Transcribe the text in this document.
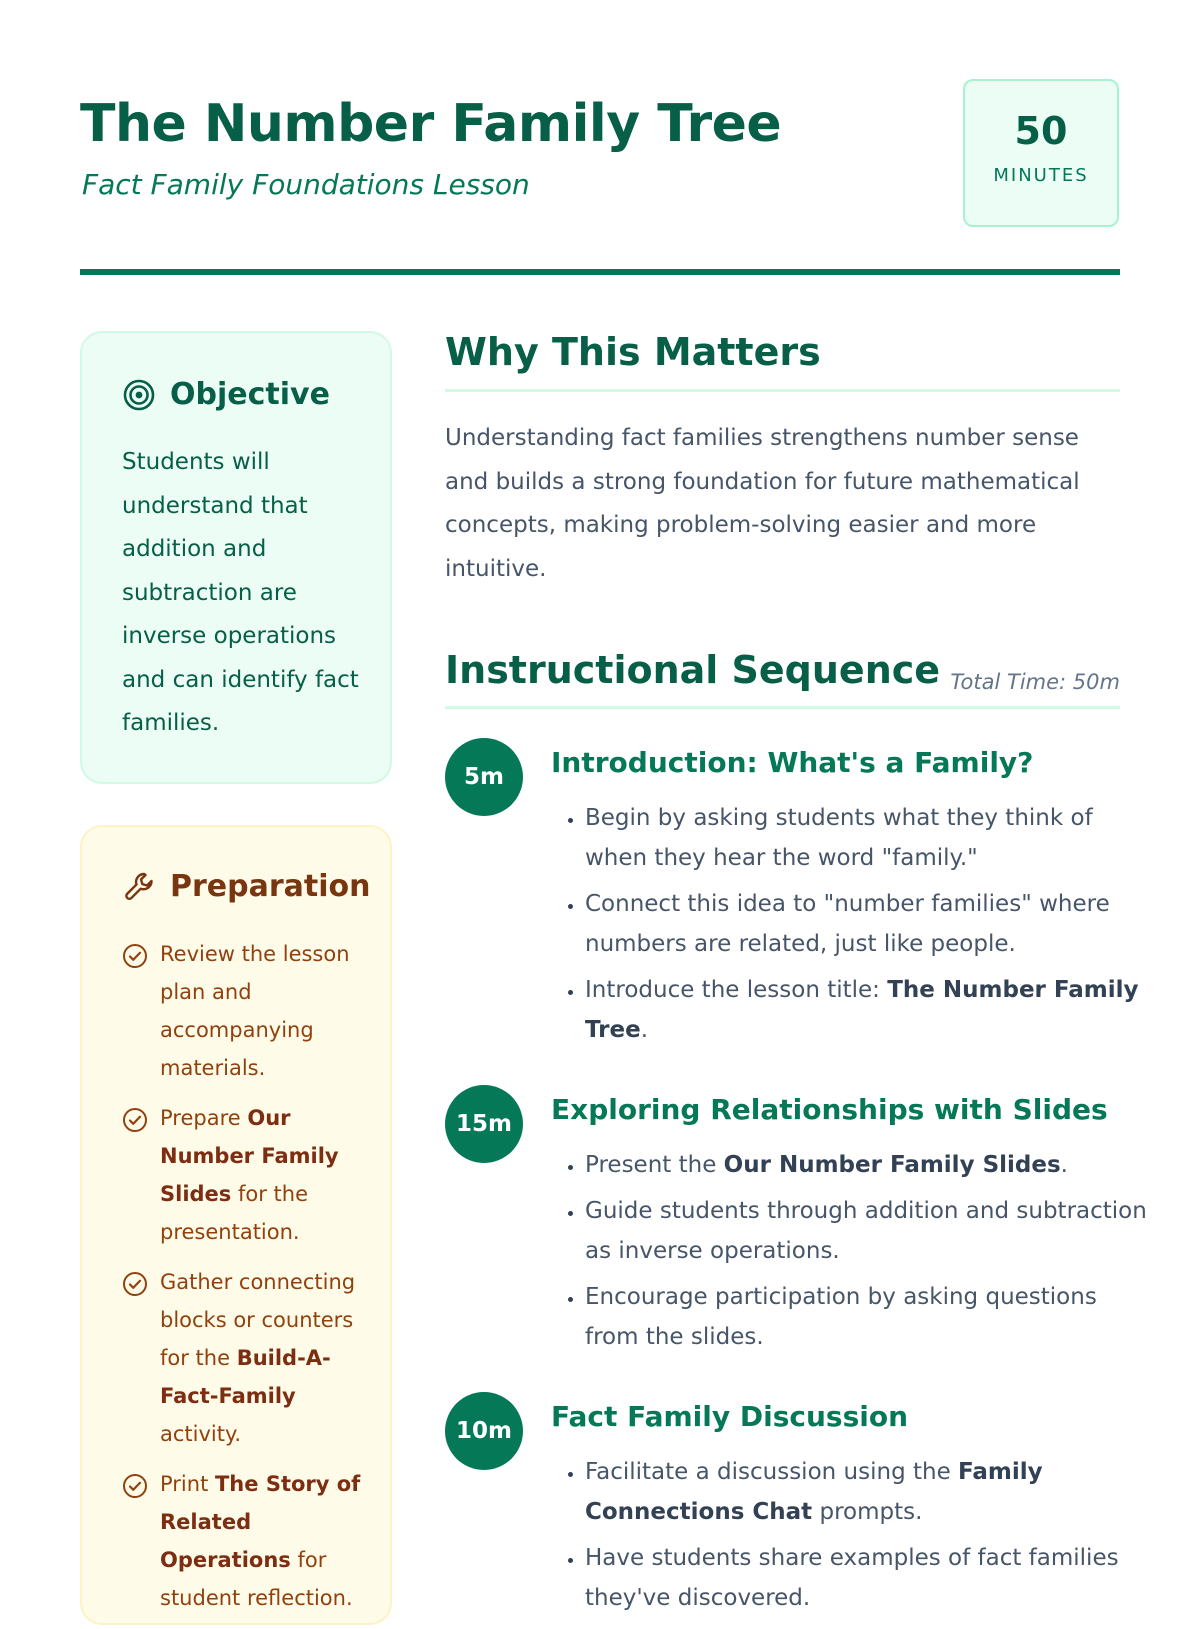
The Number Family Tree

Fact Family Foundations Lesson

50
MINUTES
Objective

Students will understand that addition and subtraction are inverse operations and can identify fact families.

Preparation
Review the lesson plan and accompanying materials.
Prepare Our Number Family Slides for the presentation.
Gather connecting blocks or counters for the Build-A-Fact-Family activity.
Print The Story of Related Operations for student reflection.
Why This Matters

Understanding fact families strengthens number sense and builds a strong foundation for future mathematical concepts, making problem-solving easier and more intuitive.

Instructional Sequence Total Time: 50m
5m	Introduction: What's a Family?
• Begin by asking students what they think of when they hear the word "family."
• Connect this idea to "number families" where numbers are related, just like people.
• Introduce the lesson title: The Number Family Tree.
15m	Exploring Relationships with Slides
• Present the Our Number Family Slides.
• Guide students through addition and subtraction as inverse operations.
• Encourage participation by asking questions from the slides.
10m	Fact Family Discussion
• Facilitate a discussion using the Family Connections Chat prompts.
• Have students share examples of fact families they've discovered.
